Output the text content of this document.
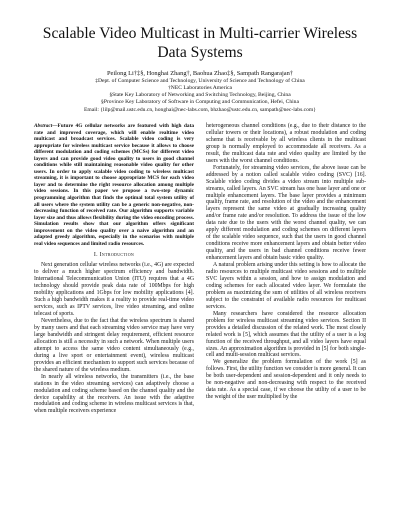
Scalable Video Multicast in Multi-carrier Wireless Data Systems
Peilong Li†‡§, Honghai Zhang†, Baohua Zhao‡§, Sampath Rangarajan†
‡Dept. of Computer Science and Technology, University of Science and Technology of China
†NEC Laboratories America
§State Key Laboratory of Networking and Switching Technology, Beijing, China
§Province Key Laboratory of Software in Computing and Communication, Hefei, China
Email: {lilp@mail.ustc.edu.cn, honghai@nec-labs.com, bhzhao@ustc.edu.cn, sampath@nec-labs.com}

Abstract—Future 4G cellular networks are featured with high data rate and improved coverage, which will enable realtime video multicast and broadcast services. Scalable video coding is very appropriate for wireless multicast service because it allows to choose different modulation and coding schemes (MCSs) for different video layers and can provide good video quality to users in good channel conditions while still maintaining reasonable video quality for other users. In order to apply scalable video coding to wireless multicast streaming, it is important to choose appropriate MCS for each video layer and to determine the right resource allocation among multiple video sessions. In this paper we propose a two-step dynamic programming algorithm that finds the optimal total system utility of all users where the system utility can be a generic non-negative, non-decreasing function of received rate. Our algorithm supports variable layer size and thus allows flexibility during the video encoding process. Simulation results show that our algorithm offers significant improvement on the video quality over a naive algorithm and an adapted greedy algorithm, especially in the scenarios with multiple real video sequences and limited radio resources.

I. Introduction

Next generation cellular wireless networks (i.e., 4G) are expected to deliver a much higher spectrum efficiency and bandwidth. International Telecommunication Union (ITU) requires that a 4G technology should provide peak data rate of 100Mbps for high mobility applications and 1Gbps for low mobility applications [4]. Such a high bandwidth makes it a reality to provide real-time video services, such as IPTV services, live video streaming, and online telecast of sports.

Nevertheless, due to the fact that the wireless spectrum is shared by many users and that each streaming video service may have very large bandwidth and stringent delay requirement, efficient resource allocation is still a necessity in such a network. When multiple users attempt to access the same video content simultaneously (e.g., during a live sport or entertainment event), wireless multicast provides an efficient mechanism to support such services because of the shared nature of the wireless medium.

In nearly all wireless networks, the transmitters (i.e., the base stations in the video streaming services) can adaptively choose a modulation and coding scheme based on the channel quality and the device capability at the receivers. An issue with the adaptive modulation and coding scheme in wireless multicast services is that, when multiple receivers experience

heterogeneous channel conditions (e.g., due to their distance to the cellular towers or their locations), a robust modulation and coding scheme that is receivable by all wireless clients in the multicast group is normally employed to accommodate all receivers. As a result, the multicast data rate and video quality are limited by the users with the worst channel conditions.

Fortunately, for streaming video services, the above issue can be addressed by a notion called scalable video coding (SVC) [16]. Scalable video coding divides a video stream into multiple sub-streams, called layers. An SVC stream has one base layer and one or multiple enhancement layers. The base layer provides a minimum quality, frame rate, and resolution of the video and the enhancement layers represent the same video at gradually increasing quality and/or frame rate and/or resolution. To address the issue of the low data rate due to the users with the worst channel quality, we can apply different modulation and coding schemes on different layers of the scalable video sequence, such that the users in good channel conditions receive more enhancement layers and obtain better video quality, and the users in bad channel conditions receive fewer enhancement layers and obtain basic video quality.

A natural problem arising under this setting is how to allocate the radio resources to multiple multicast video sessions and to multiple SVC layers within a session, and how to assign modulation and coding schemes for each allocated video layer. We formulate the problem as maximizing the sum of utilities of all wireless receivers subject to the constraint of available radio resources for multicast services.

Many researchers have considered the resource allocation problem for wireless multicast streaming video services. Section II provides a detailed discussion of the related work. The most closely related work is [5], which assumes that the utility of a user is a log function of the received throughput, and all video layers have equal sizes. An approximation algorithm is provided in [5] for both single-cell and multi-session multicast services.

We generalize the problem formulation of the work [5] as follows. First, the utility function we consider is more general. It can be both user-dependent and session-dependent and it only needs to be non-negative and non-decreasing with respect to the received data rate. As a special case, if we choose the utility of a user to be the weight of the user multiplied by the
